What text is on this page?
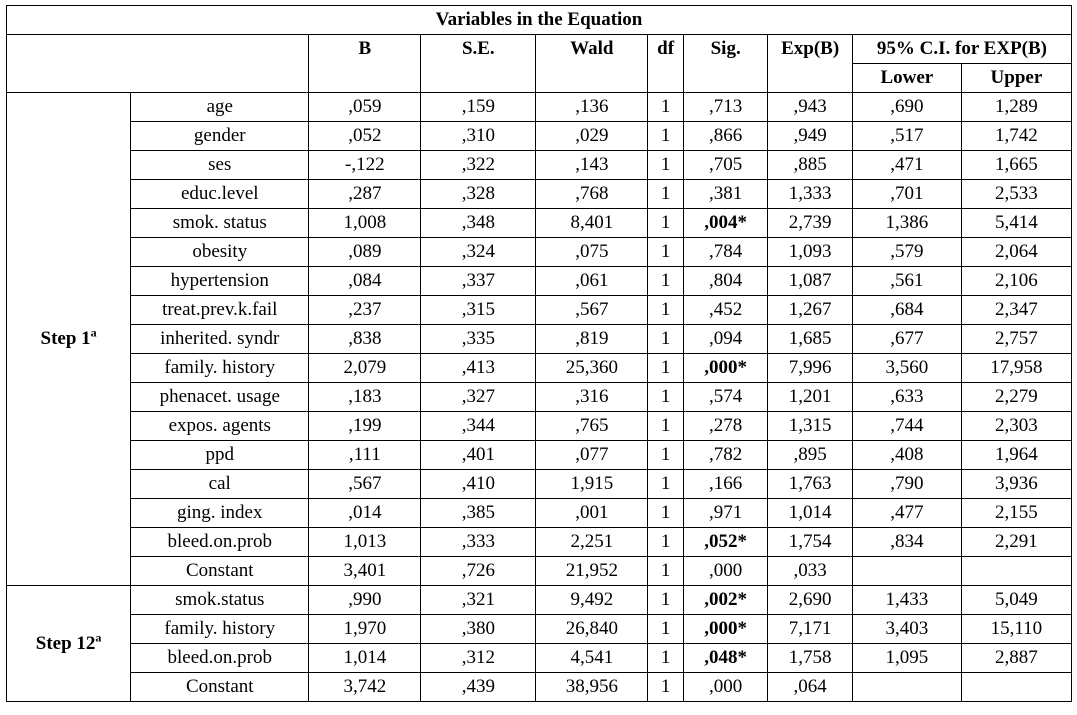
Variables in the Equation									
		B	S.E.	Wald	df	Sig.	Exp(B)	95% C.I. for EXP(B)	
								Lower	Upper
Step 1$^a$	age	,059	,159	,136	1	,713	,943	,690	1,289
	gender	,052	,310	,029	1	,866	,949	,517	1,742
	ses	-,122	,322	,143	1	,705	,885	,471	1,665
	educ.level	,287	,328	,768	1	,381	1,333	,701	2,533
	smok. status	1,008	,348	8,401	1	,004*	2,739	1,386	5,414
	obesity	,089	,324	,075	1	,784	1,093	,579	2,064
	hypertension	,084	,337	,061	1	,804	1,087	,561	2,106
	treat.prev.k.fail	,237	,315	,567	1	,452	1,267	,684	2,347
	inherited. syndr	,838	,335	,819	1	,094	1,685	,677	2,757
	family. history	2,079	,413	25,360	1	,000*	7,996	3,560	17,958
	phenacet. usage	,183	,327	,316	1	,574	1,201	,633	2,279
	expos. agents	,199	,344	,765	1	,278	1,315	,744	2,303
	ppd	,111	,401	,077	1	,782	,895	,408	1,964
	cal	,567	,410	1,915	1	,166	1,763	,790	3,936
	ging. index	,014	,385	,001	1	,971	1,014	,477	2,155
	bleed.on.prob	1,013	,333	2,251	1	,052*	1,754	,834	2,291
	Constant	3,401	,726	21,952	1	,000	,033		
Step 12$^a$	smok.status	,990	,321	9,492	1	,002*	2,690	1,433	5,049
	family. history	1,970	,380	26,840	1	,000*	7,171	3,403	15,110
	bleed.on.prob	1,014	,312	4,541	1	,048*	1,758	1,095	2,887
	Constant	3,742	,439	38,956	1	,000	,064		
